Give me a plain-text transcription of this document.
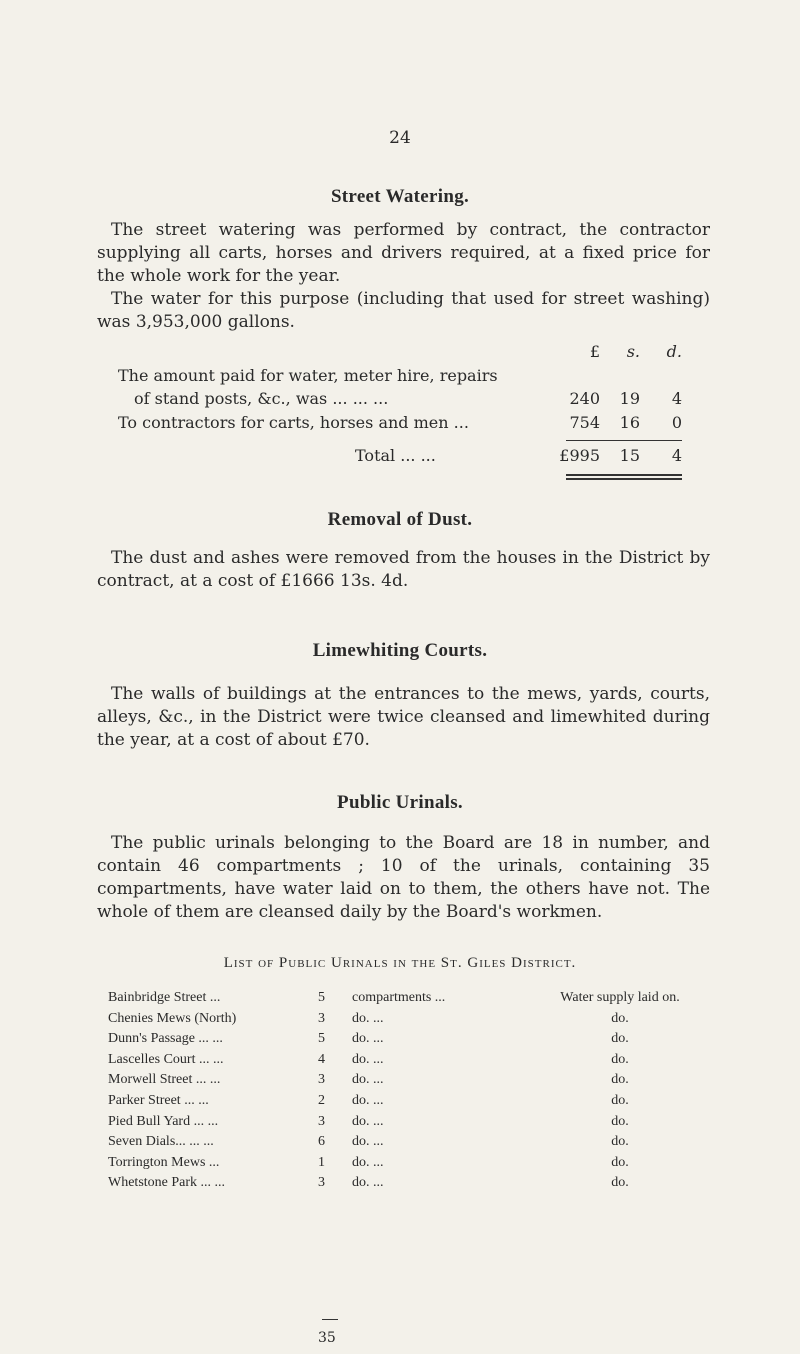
24
Street Watering.

The street watering was performed by contract, the contractor supplying all carts, horses and drivers required, at a fixed price for the whole work for the year.

The water for this purpose (including that used for street washing) was 3,953,000 gallons.

£	s.	d.
The amount paid for water, meter hire, repairs
of stand posts, &c., was ... ... ...	240	19	4
To contractors for carts, horses and men ...	754	16	0
Total ... ...	£995	15	4
Removal of Dust.

The dust and ashes were removed from the houses in the District by contract, at a cost of £1666 13s. 4d.

Limewhiting Courts.

The walls of buildings at the entrances to the mews, yards, courts, alleys, &c., in the District were twice cleansed and limewhited during the year, at a cost of about £70.

Public Urinals.

The public urinals belonging to the Board are 18 in number, and contain 46 compartments ; 10 of the urinals, containing 35 compartments, have water laid on to them, the others have not. The whole of them are cleansed daily by the Board's workmen.

List of Public Urinals in the St. Giles District.
Bainbridge Street ...	5 compartments ...	Water supply laid on.
Chenies Mews (North)	3 do. ...	do.
Dunn's Passage ... ...	5 do. ...	do.
Lascelles Court ... ...	4 do. ...	do.
Morwell Street ... ...	3 do. ...	do.
Parker Street ... ...	2 do. ...	do.
Pied Bull Yard ... ...	3 do. ...	do.
Seven Dials... ... ...	6 do. ...	do.
Torrington Mews ...	1 do. ...	do.
Whetstone Park ... ...	3 do. ...	do.
35
